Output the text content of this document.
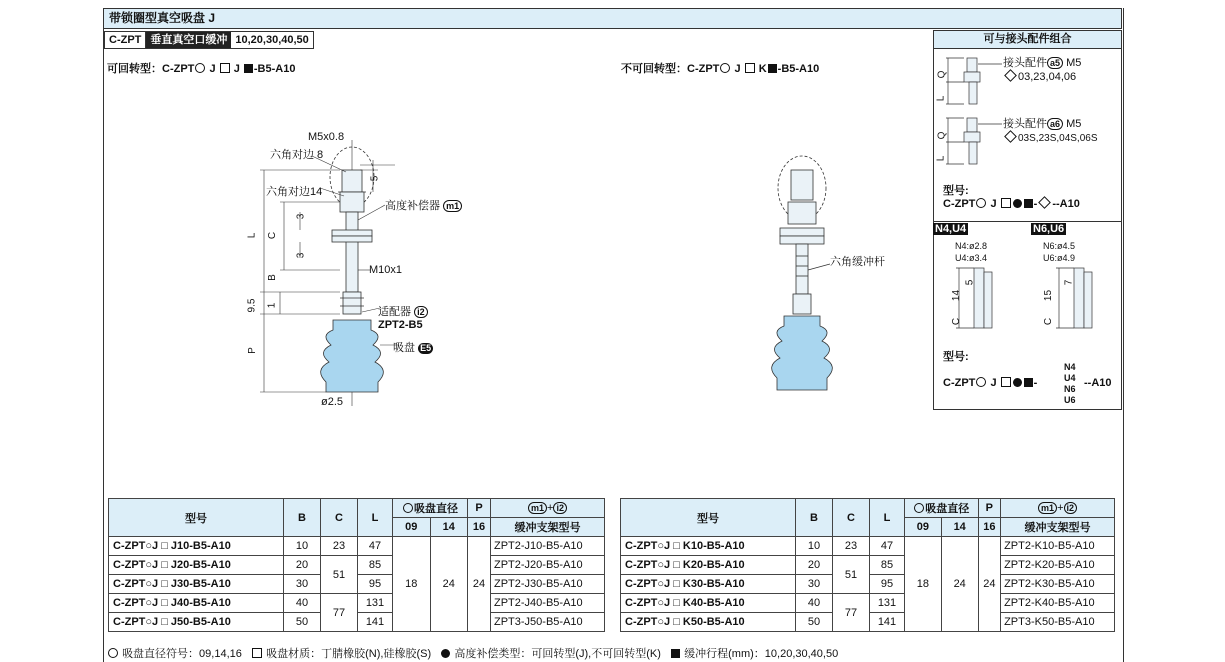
带锁圈型真空吸盘 J
C-ZPT 垂直真空口缓冲 10,20,30,40,50
可回转型：C-ZPT J J -B5-A10	不可回转型：C-ZPT J K -B5-A10
M5x0.8
六角对边 8
六角对边14
5
L C
3
3
B
M10x1
9.5 1
P
ø2.5
高度补偿器 m1
适配器 i2
ZPT2-B5
吸盘 E5
六角缓冲杆
可与接头配件组合
Q
L
Q
L
接头配件 a5 M5
03,23,04,06
接头配件 a6 M5
03S,23S,04S,06S
型号:
C-ZPT J	- --A10
N4,U4	N6,U6
N4:ø2.8
U4:ø3.4
N6:ø4.5
U6:ø4.9
5
14
C
7
15
C
型号:
C-ZPT J	-
N4
U4
N6
U6
--A10
型号	B	C	L	吸盘直径		P	m1 + i2
				09	14	16	缓冲支架型号
C-ZPT○J □ J10-B5-A10	10	23	47	18	24	24	ZPT2-J10-B5-A10
C-ZPT○J □ J20-B5-A10	20	51	85				ZPT2-J20-B5-A10
C-ZPT○J □ J30-B5-A10	30		95				ZPT2-J30-B5-A10
C-ZPT○J □ J40-B5-A10	40	77	131				ZPT2-J40-B5-A10
C-ZPT○J □ J50-B5-A10	50		141				ZPT3-J50-B5-A10
型号	B	C	L	吸盘直径		P	m1 + i2
				09	14	16	缓冲支架型号
C-ZPT○J □ K10-B5-A10	10	23	47	18	24	24	ZPT2-K10-B5-A10
C-ZPT○J □ K20-B5-A10	20	51	85				ZPT2-K20-B5-A10
C-ZPT○J □ K30-B5-A10	30		95				ZPT2-K30-B5-A10
C-ZPT○J □ K40-B5-A10	40	77	131				ZPT2-K40-B5-A10
C-ZPT○J □ K50-B5-A10	50		141				ZPT3-K50-B5-A10
吸盘直径符号：09,14,16 吸盘材质：丁腈橡胶(N),硅橡胶(S) 高度补偿类型：可回转型(J),不可回转型(K) 缓冲行程(mm)：10,20,30,40,50
